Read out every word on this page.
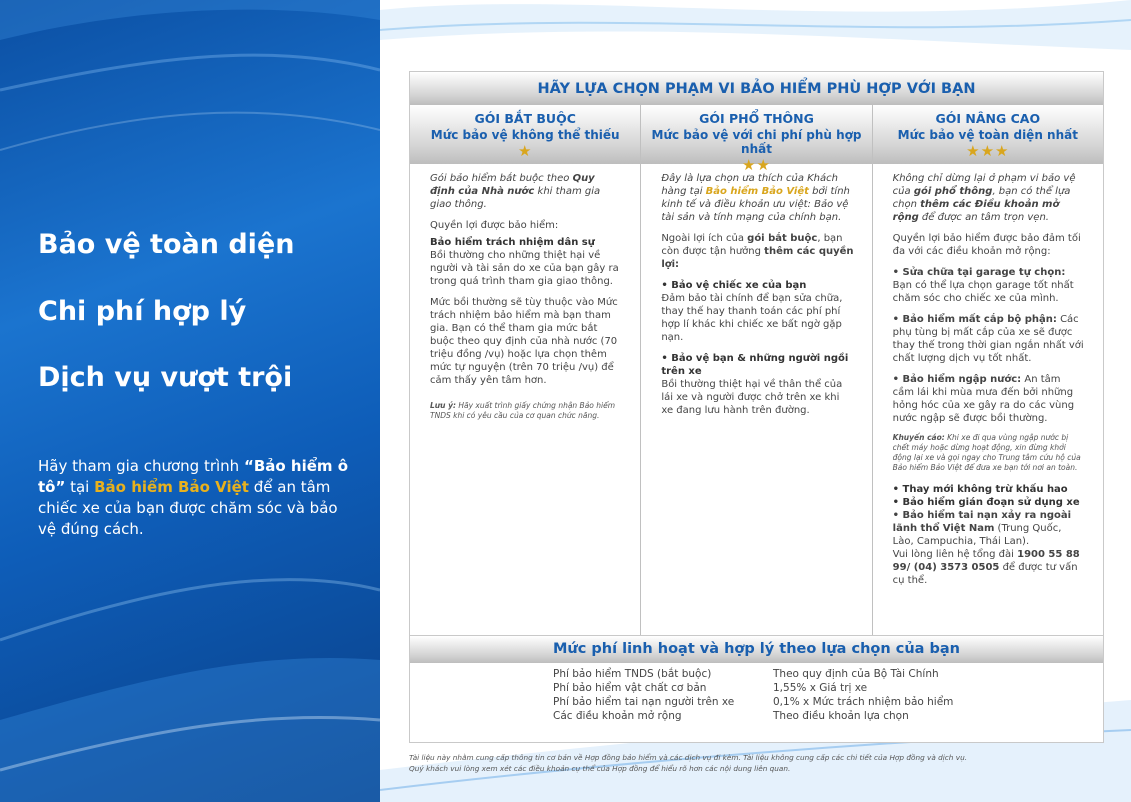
Bảo vệ toàn diện
Chi phí hợp lý
Dịch vụ vượt trội
Hãy tham gia chương trình “Bảo hiểm ô tô” tại Bảo hiểm Bảo Việt để an tâm chiếc xe của bạn được chăm sóc và bảo vệ đúng cách.
HÃY LỰA CHỌN PHẠM VI BẢO HIỂM PHÙ HỢP VỚI BẠN
GÓI BẮT BUỘC
Mức bảo vệ không thể thiếu
★

Gói bảo hiểm bắt buộc theo Quy định của Nhà nước khi tham gia giao thông.

Quyền lợi được bảo hiểm:

Bảo hiểm trách nhiệm dân sự

Bồi thường cho những thiệt hại về người và tài sản do xe của bạn gây ra trong quá trình tham gia giao thông.

Mức bồi thường sẽ tùy thuộc vào Mức trách nhiệm bảo hiểm mà bạn tham gia. Bạn có thể tham gia mức bắt buộc theo quy định của nhà nước (70 triệu đồng /vụ) hoặc lựa chọn thêm mức tự nguyện (trên 70 triệu /vụ) để cảm thấy yên tâm hơn.

Lưu ý: Hãy xuất trình giấy chứng nhận Bảo hiểm TNDS khi có yêu cầu của cơ quan chức năng.

GÓI PHỔ THÔNG
Mức bảo vệ với chi phí phù hợp nhất
★★

Đây là lựa chọn ưa thích của Khách hàng tại Bảo hiểm Bảo Việt bởi tính kinh tế và điều khoản ưu việt: Bảo vệ tài sản và tính mạng của chính bạn.

Ngoài lợi ích của gói bắt buộc, bạn còn được tận hưởng thêm các quyền lợi:

• Bảo vệ chiếc xe của bạn

Đảm bảo tài chính để bạn sửa chữa, thay thế hay thanh toán các phí phí hợp lí khác khi chiếc xe bất ngờ gặp nạn.

• Bảo vệ bạn & những người ngồi trên xe

Bồi thường thiệt hại về thân thể của lái xe và người được chở trên xe khi xe đang lưu hành trên đường.

GÓI NÂNG CAO
Mức bảo vệ toàn diện nhất
★★★

Không chỉ dừng lại ở phạm vi bảo vệ của gói phổ thông, bạn có thể lựa chọn thêm các Điều khoản mở rộng để được an tâm trọn vẹn.

Quyền lợi bảo hiểm được bảo đảm tối đa với các điều khoản mở rộng:

• Sửa chữa tại garage tự chọn: Bạn có thể lựa chọn garage tốt nhất chăm sóc cho chiếc xe của mình.

• Bảo hiểm mất cắp bộ phận: Các phụ tùng bị mất cắp của xe sẽ được thay thế trong thời gian ngắn nhất với chất lượng dịch vụ tốt nhất.

• Bảo hiểm ngập nước: An tâm cầm lái khi mùa mưa đến bởi những hỏng hóc của xe gây ra do các vùng nước ngập sẽ được bồi thường.

Khuyến cáo: Khi xe đi qua vùng ngập nước bị chết máy hoặc dừng hoạt động, xin đừng khởi động lại xe và gọi ngay cho Trung tâm cứu hộ của Bảo hiểm Bảo Việt để đưa xe bạn tới nơi an toàn.

• Thay mới không trừ khấu hao
• Bảo hiểm gián đoạn sử dụng xe
• Bảo hiểm tai nạn xảy ra ngoài lãnh thổ Việt Nam (Trung Quốc, Lào, Campuchia, Thái Lan).
Vui lòng liên hệ tổng đài 1900 55 88 99/ (04) 3573 0505 để được tư vấn cụ thể.
Mức phí linh hoạt và hợp lý theo lựa chọn của bạn
Phí bảo hiểm TNDS (bắt buộc)	Theo quy định của Bộ Tài Chính
Phí bảo hiểm vật chất cơ bản	1,55% x Giá trị xe
Phí bảo hiểm tai nạn người trên xe	0,1% x Mức trách nhiệm bảo hiểm
Các điều khoản mở rộng	Theo điều khoản lựa chọn
Tài liệu này nhằm cung cấp thông tin cơ bản về Hợp đồng bảo hiểm và các dịch vụ đi kèm. Tài liệu không cung cấp các chi tiết của Hợp đồng và dịch vụ.
Quý khách vui lòng xem xét các điều khoản cụ thể của Hợp đồng để hiểu rõ hơn các nội dung liên quan.
